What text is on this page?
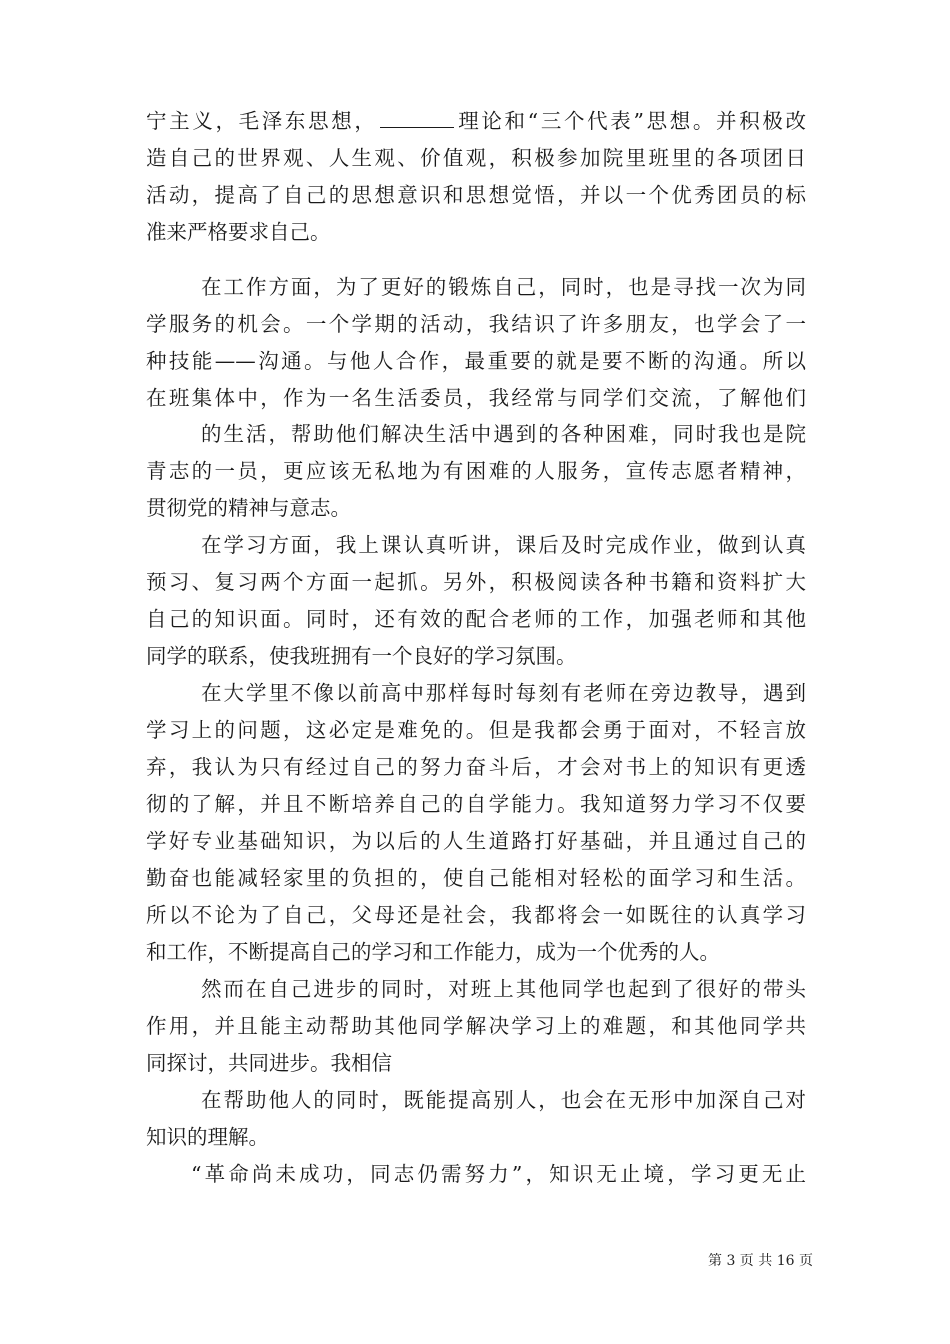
宁主义，毛泽东思想，	理论和“三个代表”思想。并积极改
造自己的世界观、人生观、价值观，积极参加院里班里的各项团日
活动，提高了自己的思想意识和思想觉悟，并以一个优秀团员的标
准来严格要求自己。
在工作方面，为了更好的锻炼自己，同时，也是寻找一次为同
学服务的机会。一个学期的活动，我结识了许多朋友，也学会了一
种技能——沟通。与他人合作，最重要的就是要不断的沟通。所以
在班集体中，作为一名生活委员，我经常与同学们交流，了解他们
的生活，帮助他们解决生活中遇到的各种困难，同时我也是院
青志的一员，更应该无私地为有困难的人服务，宣传志愿者精神，
贯彻党的精神与意志。
在学习方面，我上课认真听讲，课后及时完成作业，做到认真
预习、复习两个方面一起抓。另外，积极阅读各种书籍和资料扩大
自己的知识面。同时，还有效的配合老师的工作，加强老师和其他
同学的联系，使我班拥有一个良好的学习氛围。
在大学里不像以前高中那样每时每刻有老师在旁边教导，遇到
学习上的问题，这必定是难免的。但是我都会勇于面对，不轻言放
弃，我认为只有经过自己的努力奋斗后，才会对书上的知识有更透
彻的了解，并且不断培养自己的自学能力。我知道努力学习不仅要
学好专业基础知识，为以后的人生道路打好基础，并且通过自己的
勤奋也能减轻家里的负担的，使自己能相对轻松的面学习和生活。
所以不论为了自己，父母还是社会，我都将会一如既往的认真学习
和工作，不断提高自己的学习和工作能力，成为一个优秀的人。
然而在自己进步的同时，对班上其他同学也起到了很好的带头
作用，并且能主动帮助其他同学解决学习上的难题，和其他同学共
同探讨，共同进步。我相信
在帮助他人的同时，既能提高别人，也会在无形中加深自己对
知识的理解。
“革命尚未成功，同志仍需努力”，知识无止境，学习更无止
第 3 页 共 16 页
